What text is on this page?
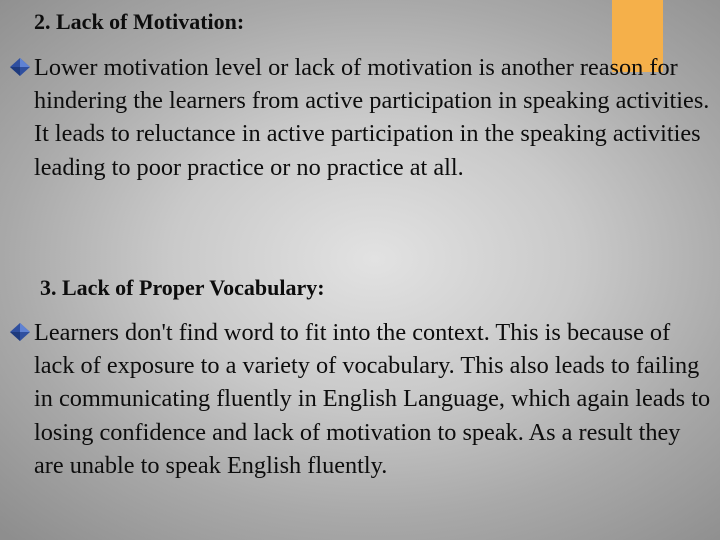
2. Lack of Motivation:

Lower motivation level or lack of motivation is another reason for hindering the learners from active participation in speaking activities. It leads to reluctance in active participation in the speaking activities leading to poor practice or no practice at all.

3. Lack of Proper Vocabulary:

Learners don't find word to fit into the context. This is because of lack of exposure to a variety of vocabulary. This also leads to failing in communicating fluently in English Language, which again leads to losing confidence and lack of motivation to speak. As a result they are unable to speak English fluently.
